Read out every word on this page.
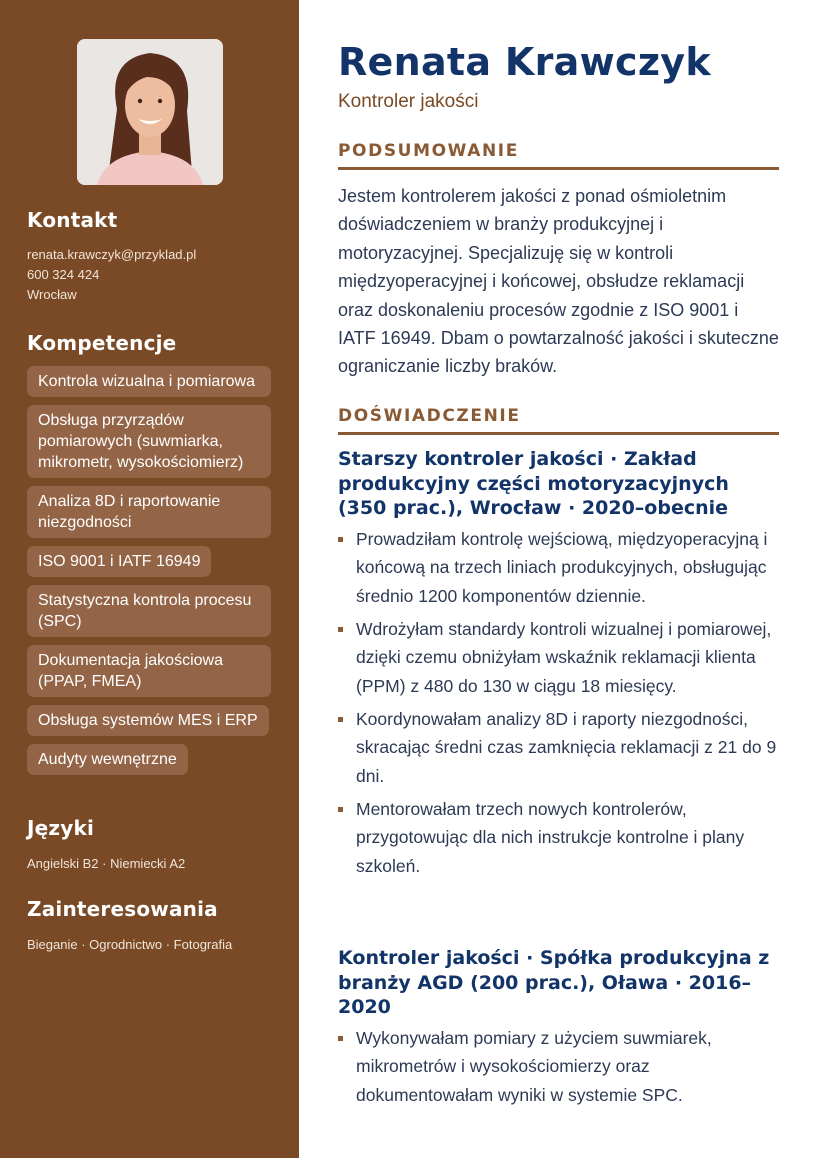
Kontakt
renata.krawczyk@przyklad.pl
600 324 424
Wrocław
Kompetencje
Kontrola wizualna i pomiarowa Obsługa przyrządów pomiarowych (suwmiarka, mikrometr, wysokościomierz) Analiza 8D i raportowanie niezgodności ISO 9001 i IATF 16949 Statystyczna kontrola procesu (SPC) Dokumentacja jakościowa (PPAP, FMEA) Obsługa systemów MES i ERP Audyty wewnętrzne
Języki
Angielski B2 · Niemiecki A2
Zainteresowania
Bieganie · Ogrodnictwo · Fotografia
Renata Krawczyk
Kontroler jakości
PODSUMOWANIE
Jestem kontrolerem jakości z ponad ośmioletnim doświadczeniem w branży produkcyjnej i motoryzacyjnej. Specjalizuję się w kontroli międzyoperacyjnej i końcowej, obsłudze reklamacji oraz doskonaleniu procesów zgodnie z ISO 9001 i IATF 16949. Dbam o powtarzalność jakości i skuteczne ograniczanie liczby braków.
DOŚWIADCZENIE
Starszy kontroler jakości · Zakład produkcyjny części motoryzacyjnych (350 prac.), Wrocław · 2020–obecnie
Prowadziłam kontrolę wejściową, międzyoperacyjną i końcową na trzech liniach produkcyjnych, obsługując średnio 1200 komponentów dziennie.
Wdrożyłam standardy kontroli wizualnej i pomiarowej, dzięki czemu obniżyłam wskaźnik reklamacji klienta (PPM) z 480 do 130 w ciągu 18 miesięcy.
Koordynowałam analizy 8D i raporty niezgodności, skracając średni czas zamknięcia reklamacji z 21 do 9 dni.
Mentorowałam trzech nowych kontrolerów, przygotowując dla nich instrukcje kontrolne i plany szkoleń.
Kontroler jakości · Spółka produkcyjna z branży AGD (200 prac.), Oława · 2016–2020
Wykonywałam pomiary z użyciem suwmiarek, mikrometrów i wysokościomierzy oraz dokumentowałam wyniki w systemie SPC.
